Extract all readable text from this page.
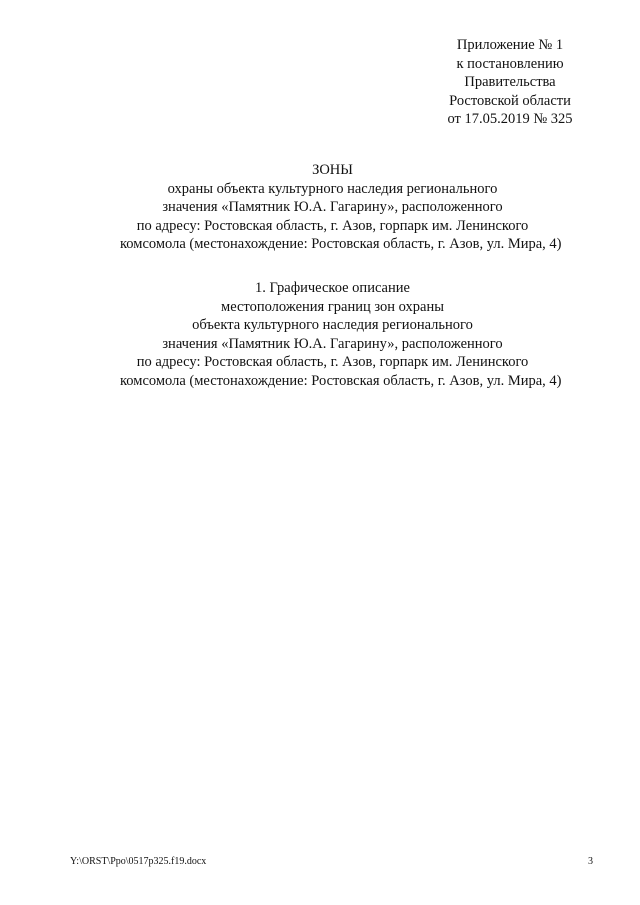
Приложение № 1
к постановлению
Правительства
Ростовской области
от 17.05.2019 № 325
ЗОНЫ
охраны объекта культурного наследия регионального
значения «Памятник Ю.А. Гагарину», расположенного
по адресу: Ростовская область, г. Азов, горпарк им. Ленинского
комсомола (местонахождение: Ростовская область, г. Азов, ул. Мира, 4)
1. Графическое описание
местоположения границ зон охраны
объекта культурного наследия регионального
значения «Памятник Ю.А. Гагарину», расположенного
по адресу: Ростовская область, г. Азов, горпарк им. Ленинского
комсомола (местонахождение: Ростовская область, г. Азов, ул. Мира, 4)
Y:\ORST\Ppo\0517p325.f19.docx	3
